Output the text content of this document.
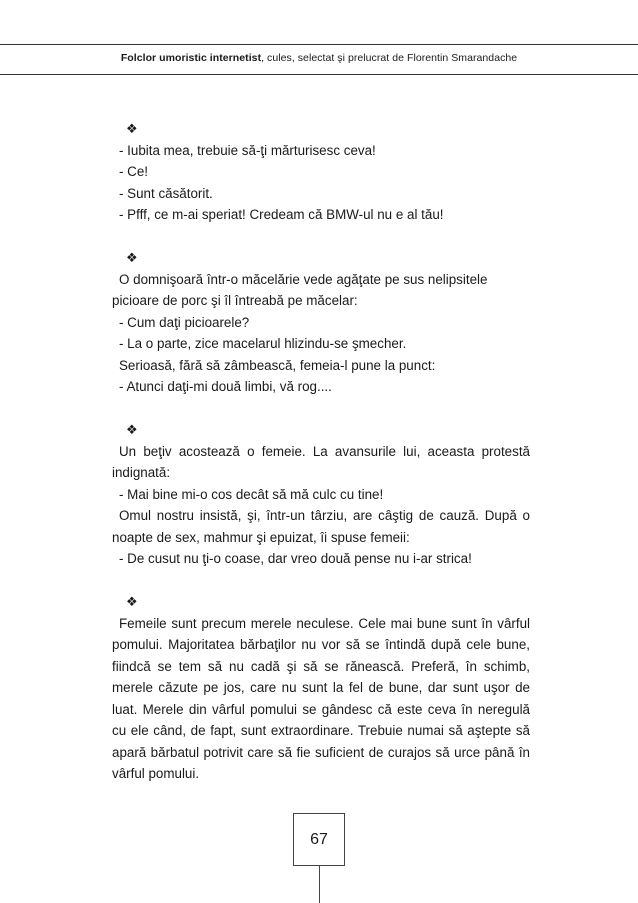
Folclor umoristic internetist, cules, selectat şi prelucrat de Florentin Smarandache
❖

- Iubita mea, trebuie să-ţi mărturisesc ceva!

- Ce!

- Sunt căsătorit.

- Pfff, ce m-ai speriat! Credeam că BMW-ul nu e al tău!

❖

O domnişoară într-o măcelărie vede agăţate pe sus nelipsitele picioare de porc şi îl întreabă pe măcelar:

- Cum daţi picioarele?

- La o parte, zice macelarul hlizindu-se şmecher.

Serioasă, fără să zâmbească, femeia-l pune la punct:

- Atunci daţi-mi două limbi, vă rog....

❖

Un beţiv acostează o femeie. La avansurile lui, aceasta protestă indignată:

- Mai bine mi-o cos decât să mă culc cu tine!

Omul nostru insistă, şi, într-un târziu, are câştig de cauză. După o noapte de sex, mahmur şi epuizat, îi spuse femeii:

- De cusut nu ţi-o coase, dar vreo două pense nu i-ar strica!

❖

Femeile sunt precum merele neculese. Cele mai bune sunt în vârful pomului. Majoritatea bărbaţilor nu vor să se întindă după cele bune, fiindcă se tem să nu cadă şi să se rănească. Preferă, în schimb, merele căzute pe jos, care nu sunt la fel de bune, dar sunt uşor de luat. Merele din vârful pomului se gândesc că este ceva în neregulă cu ele când, de fapt, sunt extraordinare. Trebuie numai să aştepte să apară bărbatul potrivit care să fie suficient de curajos să urce până în vârful pomului.

67
